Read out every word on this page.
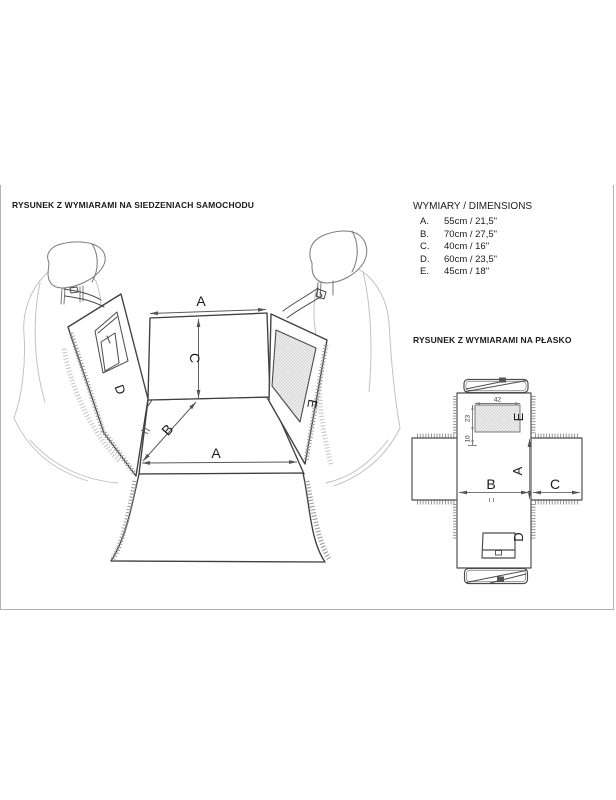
RYSUNEK Z WYMIARAMI NA SIEDZENIACH SAMOCHODU	WYMIARY / DIMENSIONS
A.	55cm / 21,5"
B.	70cm / 27,5"
C.	40cm / 16"
D.	60cm / 23,5"
E.	45cm / 18"
RYSUNEK Z WYMIARAMI NA PŁASKO
A
C
B
A
D
E	42
23
10
E
A
B	C
D
